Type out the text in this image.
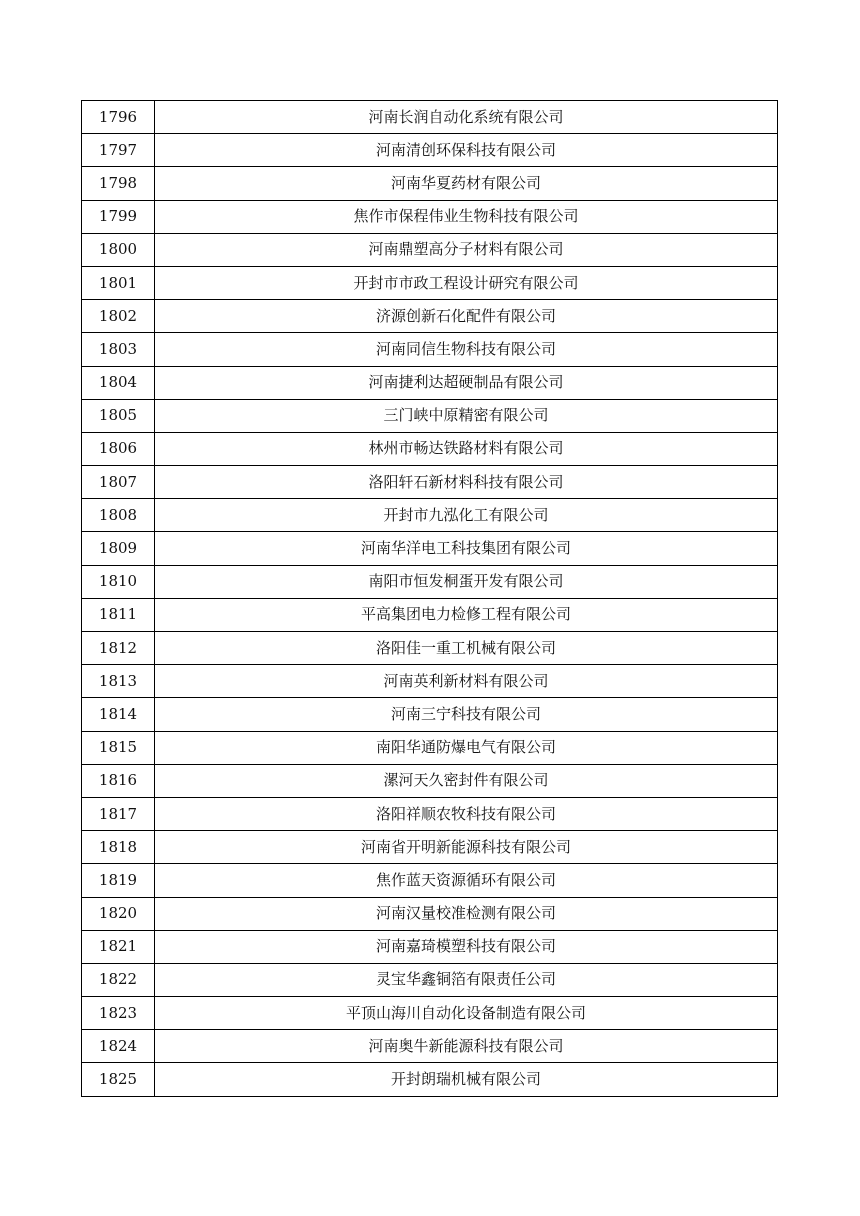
1796	河南长润自动化系统有限公司
1797	河南清创环保科技有限公司
1798	河南华夏药材有限公司
1799	焦作市保程伟业生物科技有限公司
1800	河南鼎塑高分子材料有限公司
1801	开封市市政工程设计研究有限公司
1802	济源创新石化配件有限公司
1803	河南同信生物科技有限公司
1804	河南捷利达超硬制品有限公司
1805	三门峡中原精密有限公司
1806	林州市畅达铁路材料有限公司
1807	洛阳轩石新材料科技有限公司
1808	开封市九泓化工有限公司
1809	河南华洋电工科技集团有限公司
1810	南阳市恒发桐蛋开发有限公司
1811	平高集团电力检修工程有限公司
1812	洛阳佳一重工机械有限公司
1813	河南英利新材料有限公司
1814	河南三宁科技有限公司
1815	南阳华通防爆电气有限公司
1816	漯河天久密封件有限公司
1817	洛阳祥顺农牧科技有限公司
1818	河南省开明新能源科技有限公司
1819	焦作蓝天资源循环有限公司
1820	河南汉量校准检测有限公司
1821	河南嘉琦模塑科技有限公司
1822	灵宝华鑫铜箔有限责任公司
1823	平顶山海川自动化设备制造有限公司
1824	河南奥牛新能源科技有限公司
1825	开封朗瑞机械有限公司
